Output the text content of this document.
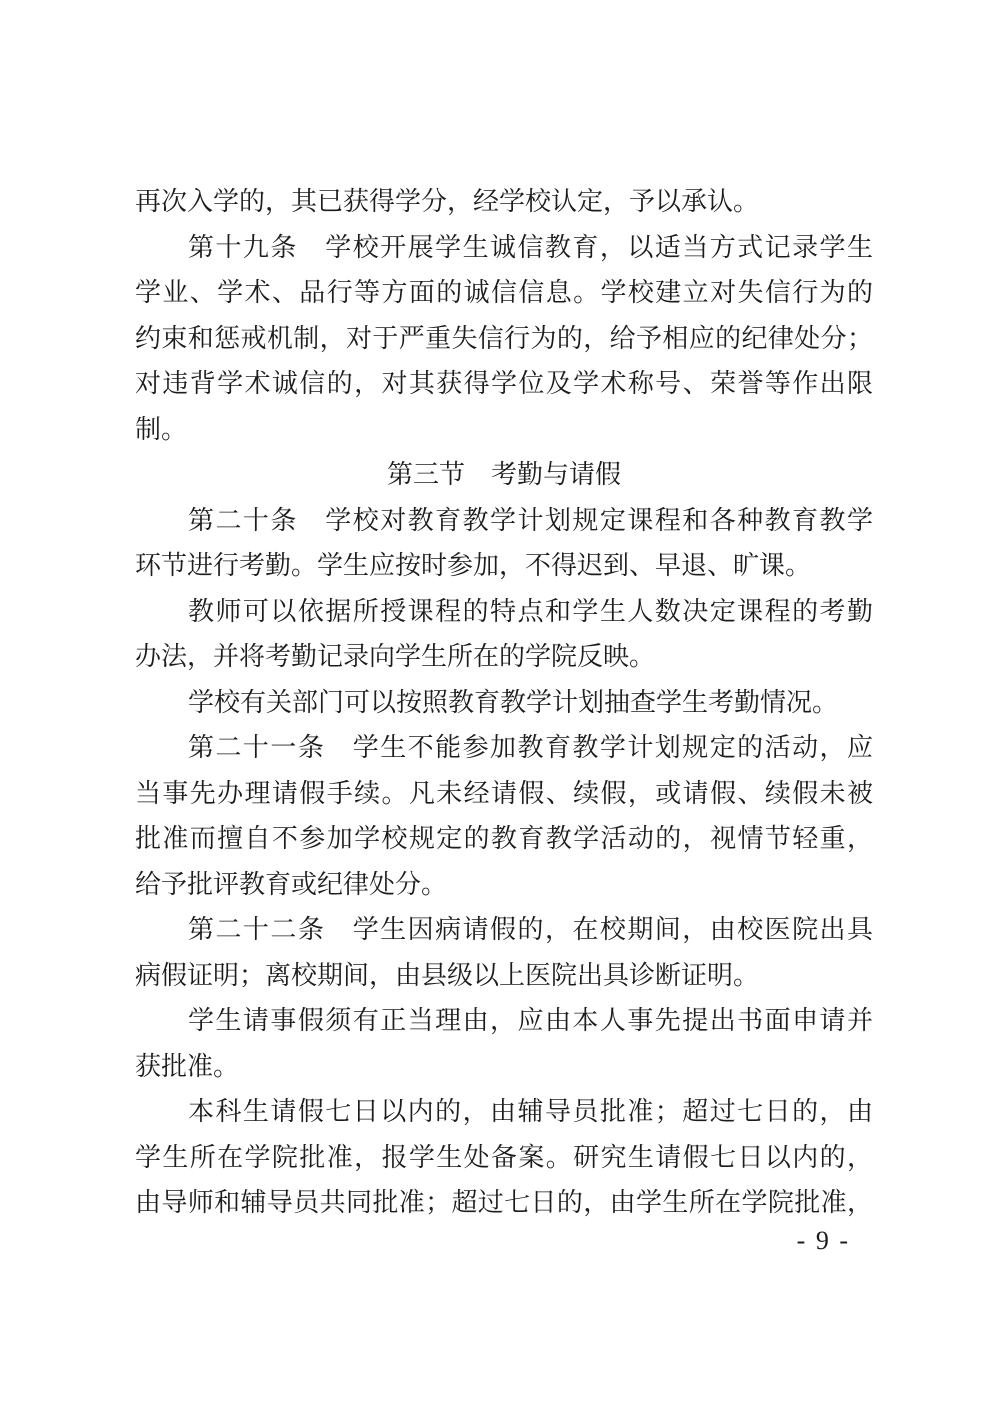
再次入学的，其已获得学分，经学校认定，予以承认。
第十九条　学校开展学生诚信教育，以适当方式记录学生
学业、学术、品行等方面的诚信信息。学校建立对失信行为的
约束和惩戒机制，对于严重失信行为的，给予相应的纪律处分；
对违背学术诚信的，对其获得学位及学术称号、荣誉等作出限
制。
第三节　考勤与请假
第二十条　学校对教育教学计划规定课程和各种教育教学
环节进行考勤。学生应按时参加，不得迟到、早退、旷课。
教师可以依据所授课程的特点和学生人数决定课程的考勤
办法，并将考勤记录向学生所在的学院反映。
学校有关部门可以按照教育教学计划抽查学生考勤情况。
第二十一条　学生不能参加教育教学计划规定的活动，应
当事先办理请假手续。凡未经请假、续假，或请假、续假未被
批准而擅自不参加学校规定的教育教学活动的，视情节轻重，
给予批评教育或纪律处分。
第二十二条　学生因病请假的，在校期间，由校医院出具
病假证明；离校期间，由县级以上医院出具诊断证明。
学生请事假须有正当理由，应由本人事先提出书面申请并
获批准。
本科生请假七日以内的，由辅导员批准；超过七日的，由
学生所在学院批准，报学生处备案。研究生请假七日以内的，
由导师和辅导员共同批准；超过七日的，由学生所在学院批准，
- 9 -
